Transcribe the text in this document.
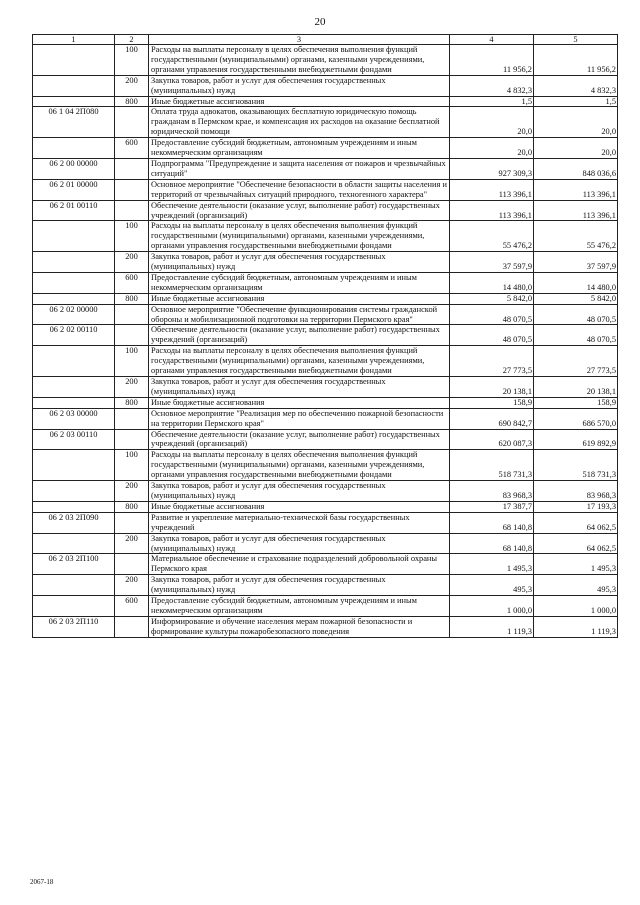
20
1	2	3	4	5
	100	Расходы на выплаты персоналу в целях обеспечения выполнения функций государственными (муниципальными) органами, казенными учреждениями, органами управления государственными внебюджетными фондами	11 956,2	11 956,2
	200	Закупка товаров, работ и услуг для обеспечения государственных (муниципальных) нужд	4 832,3	4 832,3
	800	Иные бюджетные ассигнования	1,5	1,5
06 1 04 2П080		Оплата труда адвокатов, оказывающих бесплатную юридическую помощь гражданам в Пермском крае, и компенсация их расходов на оказание бесплатной юридической помощи	20,0	20,0
	600	Предоставление субсидий бюджетным, автономным учреждениям и иным некоммерческим организациям	20,0	20,0
06 2 00 00000		Подпрограмма "Предупреждение и защита населения от пожаров и чрезвычайных ситуаций"	927 309,3	848 036,6
06 2 01 00000		Основное мероприятие "Обеспечение безопасности в области защиты населения и территорий от чрезвычайных ситуаций природного, техногенного характера"	113 396,1	113 396,1
06 2 01 00110		Обеспечение деятельности (оказание услуг, выполнение работ) государственных учреждений (организаций)	113 396,1	113 396,1
	100	Расходы на выплаты персоналу в целях обеспечения выполнения функций государственными (муниципальными) органами, казенными учреждениями, органами управления государственными внебюджетными фондами	55 476,2	55 476,2
	200	Закупка товаров, работ и услуг для обеспечения государственных (муниципальных) нужд	37 597,9	37 597,9
	600	Предоставление субсидий бюджетным, автономным учреждениям и иным некоммерческим организациям	14 480,0	14 480,0
	800	Иные бюджетные ассигнования	5 842,0	5 842,0
06 2 02 00000		Основное мероприятие "Обеспечение функционирования системы гражданской обороны и мобилизационной подготовки на территории Пермского края"	48 070,5	48 070,5
06 2 02 00110		Обеспечение деятельности (оказание услуг, выполнение работ) государственных учреждений (организаций)	48 070,5	48 070,5
	100	Расходы на выплаты персоналу в целях обеспечения выполнения функций государственными (муниципальными) органами, казенными учреждениями, органами управления государственными внебюджетными фондами	27 773,5	27 773,5
	200	Закупка товаров, работ и услуг для обеспечения государственных (муниципальных) нужд	20 138,1	20 138,1
	800	Иные бюджетные ассигнования	158,9	158,9
06 2 03 00000		Основное мероприятие "Реализация мер по обеспечению пожарной безопасности на территории Пермского края"	690 842,7	686 570,0
06 2 03 00110		Обеспечение деятельности (оказание услуг, выполнение работ) государственных учреждений (организаций)	620 087,3	619 892,9
	100	Расходы на выплаты персоналу в целях обеспечения выполнения функций государственными (муниципальными) органами, казенными учреждениями, органами управления государственными внебюджетными фондами	518 731,3	518 731,3
	200	Закупка товаров, работ и услуг для обеспечения государственных (муниципальных) нужд	83 968,3	83 968,3
	800	Иные бюджетные ассигнования	17 387,7	17 193,3
06 2 03 2П090		Развитие и укрепление материально-технической базы государственных учреждений	68 140,8	64 062,5
	200	Закупка товаров, работ и услуг для обеспечения государственных (муниципальных) нужд	68 140,8	64 062,5
06 2 03 2П100		Материальное обеспечение и страхование подразделений добровольной охраны Пермского края	1 495,3	1 495,3
	200	Закупка товаров, работ и услуг для обеспечения государственных (муниципальных) нужд	495,3	495,3
	600	Предоставление субсидий бюджетным, автономным учреждениям и иным некоммерческим организациям	1 000,0	1 000,0
06 2 03 2П110		Информирование и обучение населения мерам пожарной безопасности и формирование культуры пожаробезопасного поведения	1 119,3	1 119,3
2067-18
